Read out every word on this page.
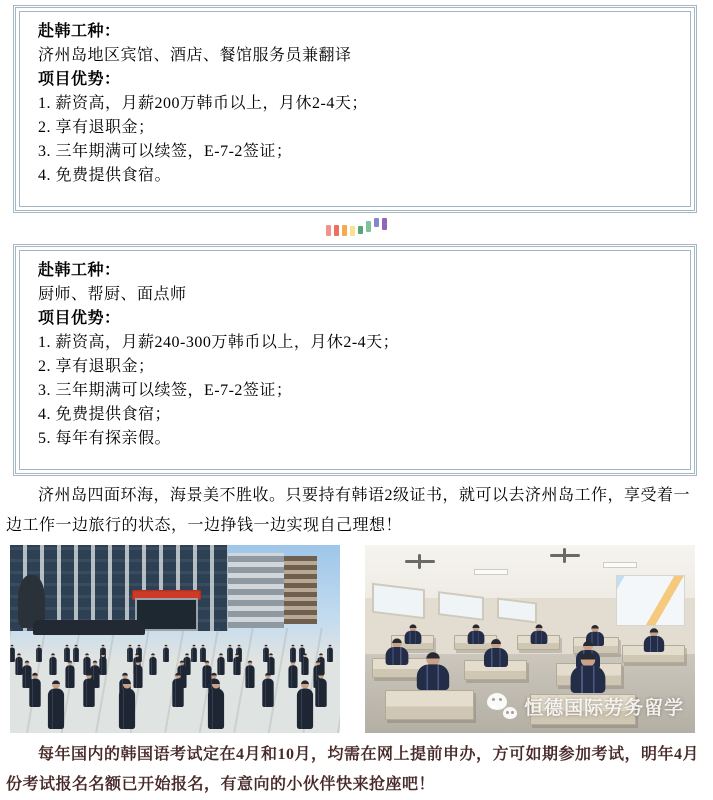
赴韩工种：

济州岛地区宾馆、酒店、餐馆服务员兼翻译

项目优势：

1. 薪资高，月薪200万韩币以上，月休2-4天；

2. 享有退职金；

3. 三年期满可以续签，E-7-2签证；

4. 免费提供食宿。

赴韩工种：

厨师、帮厨、面点师

项目优势：

1. 薪资高，月薪240-300万韩币以上，月休2-4天；

2. 享有退职金；

3. 三年期满可以续签，E-7-2签证；

4. 免费提供食宿；

5. 每年有探亲假。

济州岛四面环海，海景美不胜收。只要持有韩语2级证书，就可以去济州岛工作，享受着一边工作一边旅行的状态，一边挣钱一边实现自己理想！

恒德国际劳务留学

每年国内的韩国语考试定在4月和10月，均需在网上提前申办，方可如期参加考试，明年4月份考试报名名额已开始报名，有意向的小伙伴快来抢座吧！
